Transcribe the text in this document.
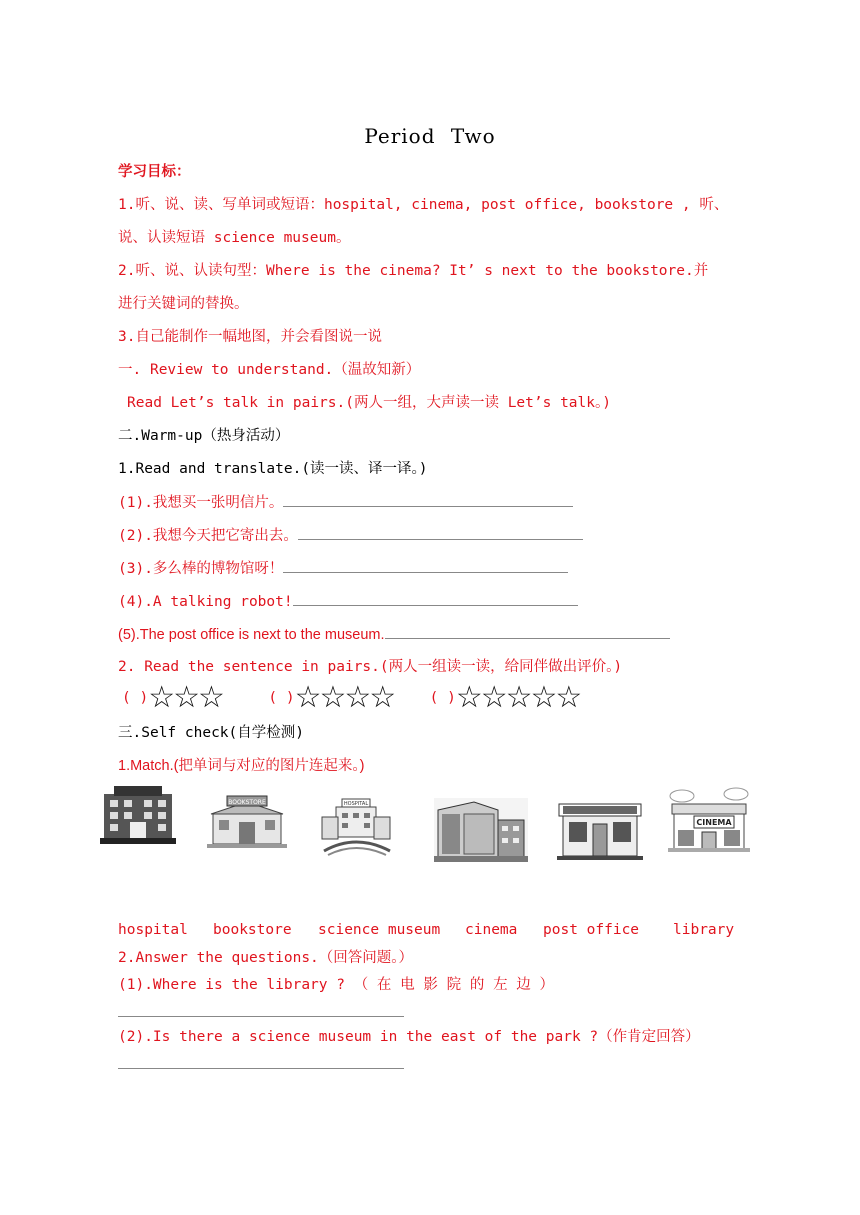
Period Two
学习目标：
1.听、说、读、写单词或短语：hospital, cinema, post office, bookstore , 听、
说、认读短语 science museum。
2.听、说、认读句型：Where is the cinema? It’ s next to the bookstore.并
进行关键词的替换。
3.自己能制作一幅地图，并会看图说一说
一. Review to understand.（温故知新）
Read Let’s talk in pairs.(两人一组，大声读一读 Let’s talk。)
二.Warm-up（热身活动）
1.Read and translate.(读一读、译一译。)
(1).我想买一张明信片。
(2).我想今天把它寄出去。
(3).多么棒的博物馆呀！
(4).A talking robot!
(5).The post office is next to the museum.
2. Read the sentence in pairs.(两人一组读一读，给同伴做出评价。)
( )☆☆☆	( )☆☆☆☆ ( )☆☆☆☆☆
三.Self check(自学检测)
1.Match.(把单词与对应的图片连起来。)
BOOKSTORE	HOSPITAL
CINEMA
hospital bookstore science museum cinema post office library
2.Answer the questions.（回答问题。）
(1).Where is the library ? （ 在 电 影 院 的 左 边 ）
(2).Is there a science museum in the east of the park ?（作肯定回答）
